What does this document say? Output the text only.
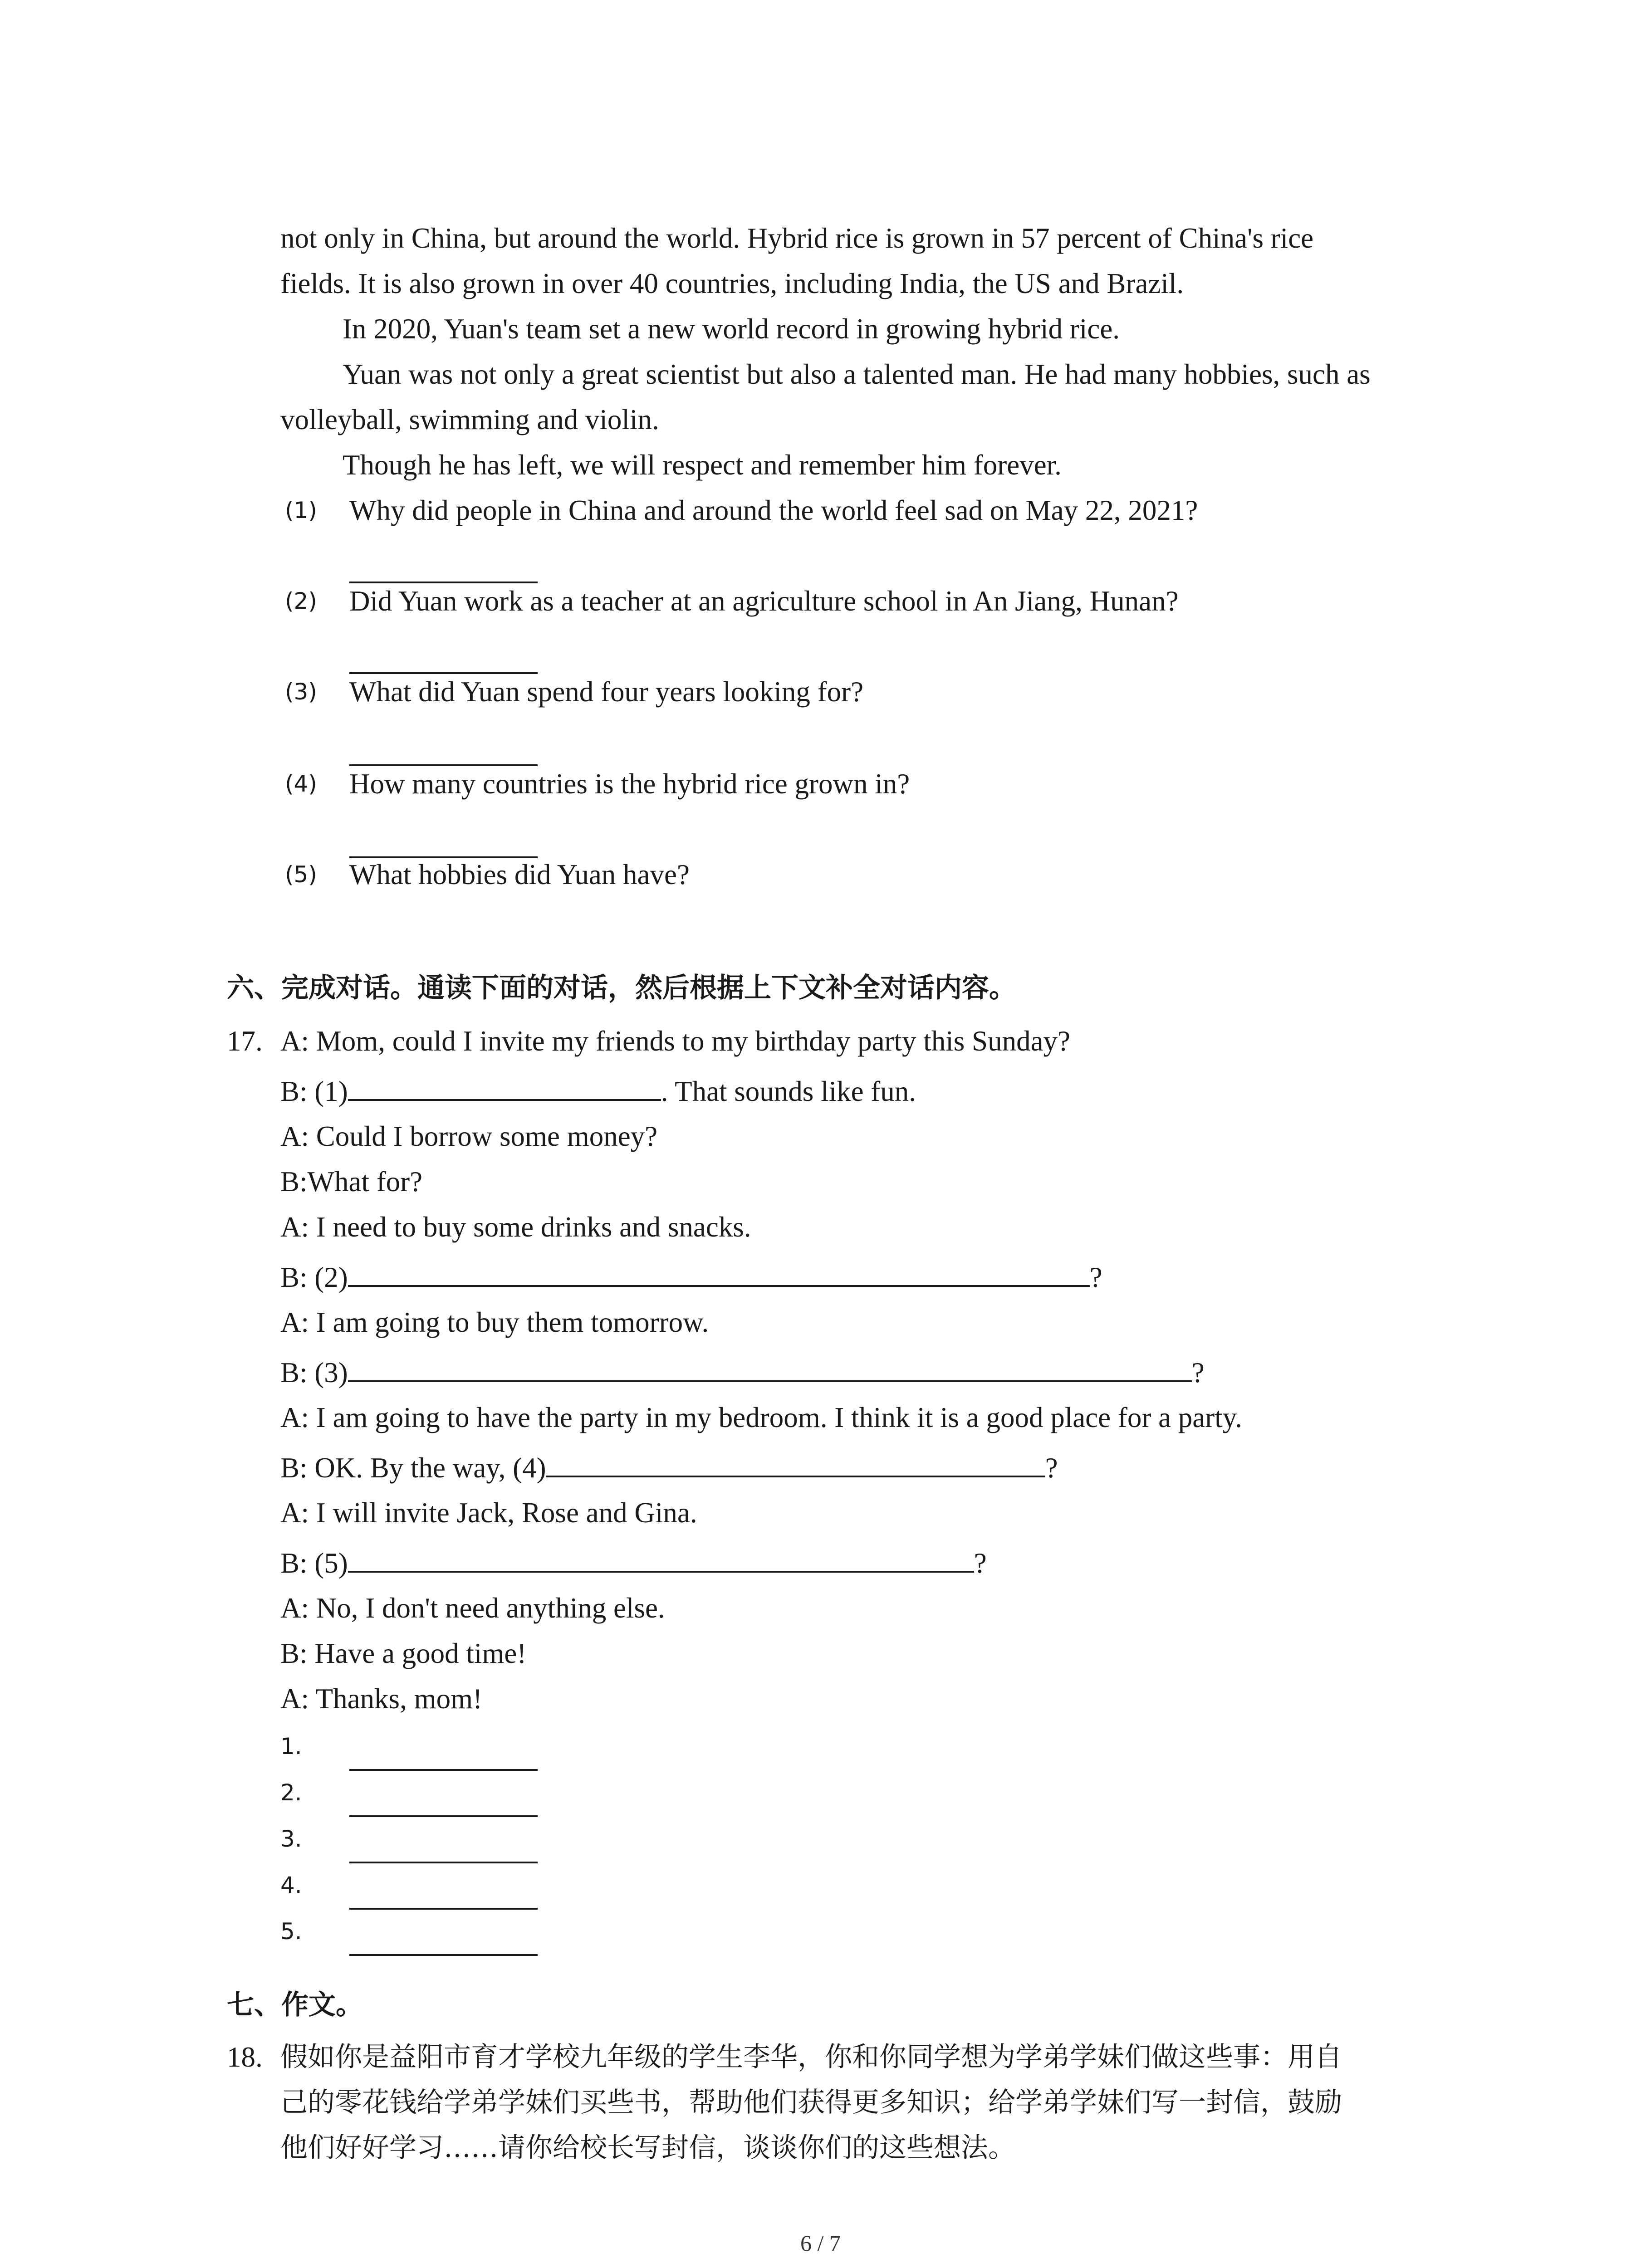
not only in China, but around the world. Hybrid rice is grown in 57 percent of China's rice
fields. It is also grown in over 40 countries, including India, the US and Brazil.
In 2020, Yuan's team set a new world record in growing hybrid rice.
Yuan was not only a great scientist but also a talented man. He had many hobbies, such as
volleyball, swimming and violin.
Though he has left, we will respect and remember him forever.
(1) Why did people in China and around the world feel sad on May 22, 2021?
(2) Did Yuan work as a teacher at an agriculture school in An Jiang, Hunan?
(3) What did Yuan spend four years looking for?
(4) How many countries is the hybrid rice grown in?
(5) What hobbies did Yuan have?
六、完成对话。通读下面的对话，然后根据上下文补全对话内容。
17. A: Mom, could I invite my friends to my birthday party this Sunday?
B: (1)	. That sounds like fun.
A: Could I borrow some money?
B:What for?
A: I need to buy some drinks and snacks.
B: (2)	?
A: I am going to buy them tomorrow.
B: (3)	?
A: I am going to have the party in my bedroom. I think it is a good place for a party.
B: OK. By the way, (4)	?
A: I will invite Jack, Rose and Gina.
B: (5)	?
A: No, I don't need anything else.
B: Have a good time!
A: Thanks, mom!
1.
2.
3.
4.
5.
七、作文。
18. 假如你是益阳市育才学校九年级的学生李华，你和你同学想为学弟学妹们做这些事：用自
己的零花钱给学弟学妹们买些书，帮助他们获得更多知识；给学弟学妹们写一封信，鼓励
他们好好学习……请你给校长写封信，谈谈你们的这些想法。
6 / 7
